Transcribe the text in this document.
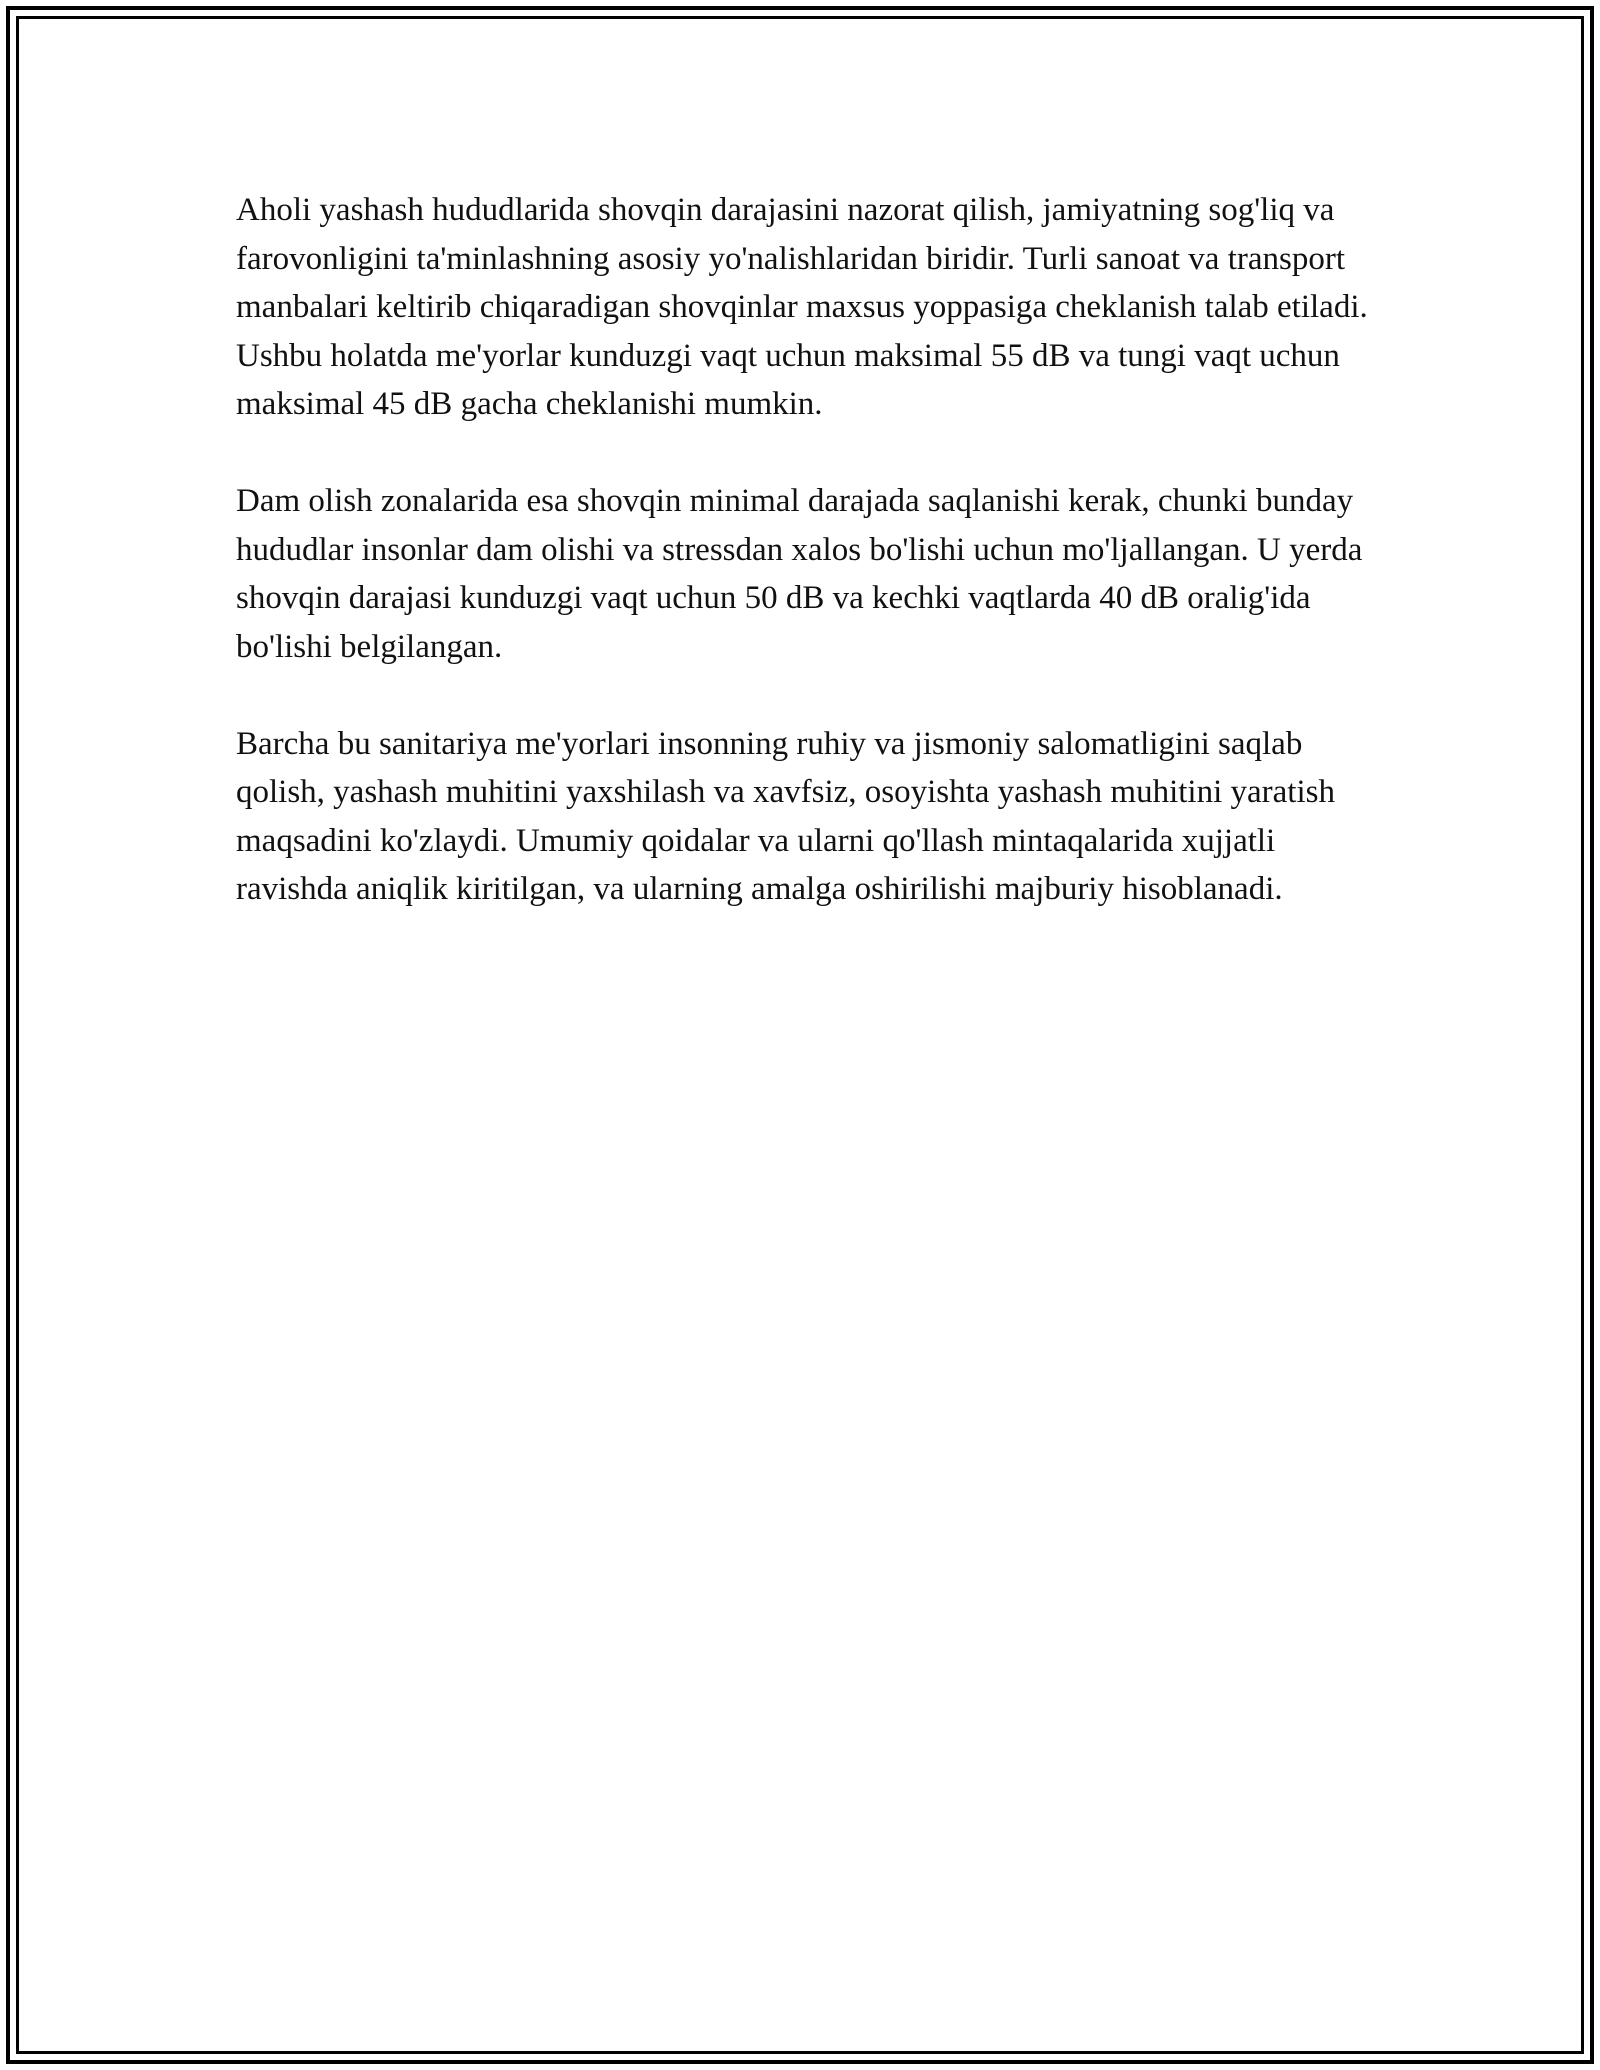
Aholi yashash hududlarida shovqin darajasini nazorat qilish, jamiyatning sog'liq va farovonligini ta'minlashning asosiy yo'nalishlaridan biridir. Turli sanoat va transport manbalari keltirib chiqaradigan shovqinlar maxsus yoppasiga cheklanish talab etiladi. Ushbu holatda me'yorlar kunduzgi vaqt uchun maksimal 55 dB va tungi vaqt uchun maksimal 45 dB gacha cheklanishi mumkin.

Dam olish zonalarida esa shovqin minimal darajada saqlanishi kerak, chunki bunday hududlar insonlar dam olishi va stressdan xalos bo'lishi uchun mo'ljallangan. U yerda shovqin darajasi kunduzgi vaqt uchun 50 dB va kechki vaqtlarda 40 dB oralig'ida bo'lishi belgilangan.

Barcha bu sanitariya me'yorlari insonning ruhiy va jismoniy salomatligini saqlab qolish, yashash muhitini yaxshilash va xavfsiz, osoyishta yashash muhitini yaratish maqsadini ko'zlaydi. Umumiy qoidalar va ularni qo'llash mintaqalarida xujjatli ravishda aniqlik kiritilgan, va ularning amalga oshirilishi majburiy hisoblanadi.
